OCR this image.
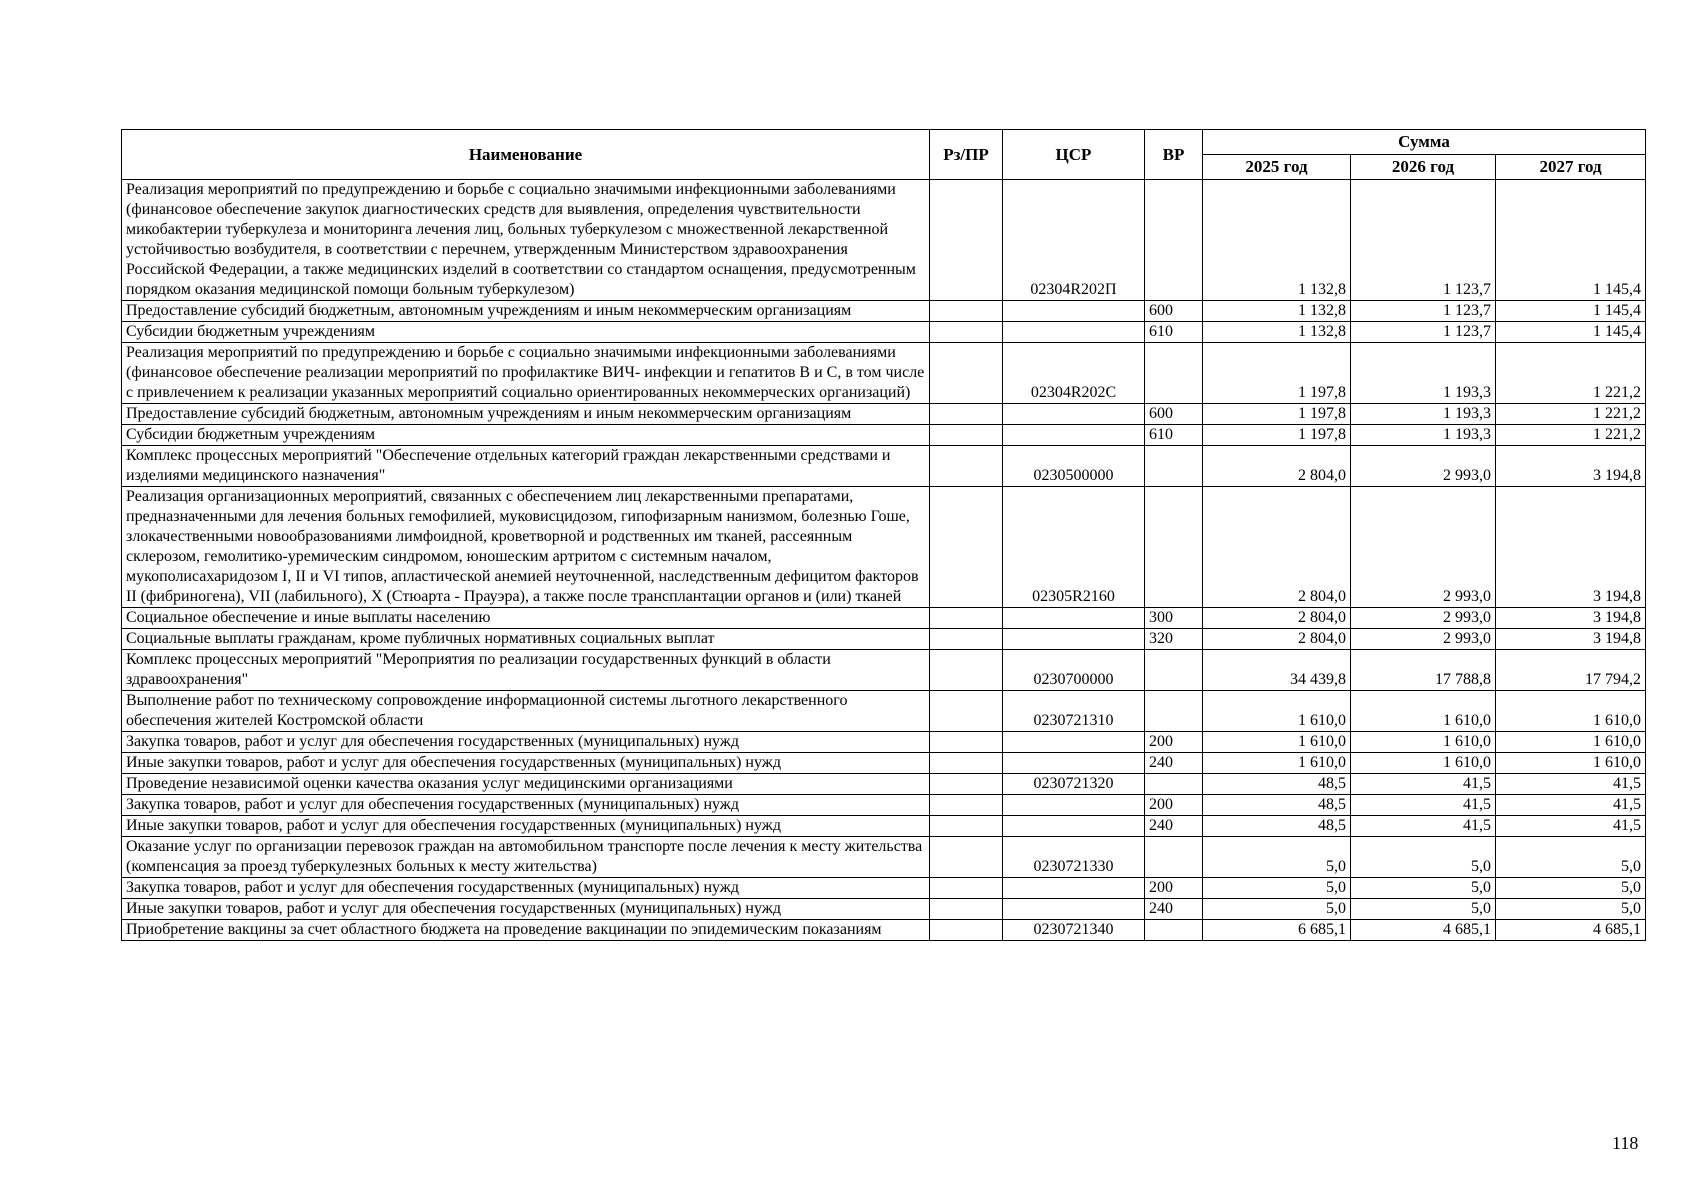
Наименование	Рз/ПР	ЦСР	ВР	Сумма		
				2025 год	2026 год	2027 год
Реализация мероприятий по предупреждению и борьбе с социально значимыми инфекционными заболеваниями (финансовое обеспечение закупок диагностических средств для выявления, определения чувствительности микобактерии туберкулеза и мониторинга лечения лиц, больных туберкулезом с множественной лекарственной устойчивостью возбудителя, в соответствии с перечнем, утвержденным Министерством здравоохранения Российской Федерации, а также медицинских изделий в соответствии со стандартом оснащения, предусмотренным порядком оказания медицинской помощи больным туберкулезом)		02304R202П		1 132,8	1 123,7	1 145,4
Предоставление субсидий бюджетным, автономным учреждениям и иным некоммерческим организациям			600	1 132,8	1 123,7	1 145,4
Субсидии бюджетным учреждениям			610	1 132,8	1 123,7	1 145,4
Реализация мероприятий по предупреждению и борьбе с социально значимыми инфекционными заболеваниями (финансовое обеспечение реализации мероприятий по профилактике ВИЧ- инфекции и гепатитов В и С, в том числе с привлечением к реализации указанных мероприятий социально ориентированных некоммерческих организаций)		02304R202C		1 197,8	1 193,3	1 221,2
Предоставление субсидий бюджетным, автономным учреждениям и иным некоммерческим организациям			600	1 197,8	1 193,3	1 221,2
Субсидии бюджетным учреждениям			610	1 197,8	1 193,3	1 221,2
Комплекс процессных мероприятий "Обеспечение отдельных категорий граждан лекарственными средствами и изделиями медицинского назначения"		0230500000		2 804,0	2 993,0	3 194,8
Реализация организационных мероприятий, связанных с обеспечением лиц лекарственными препаратами, предназначенными для лечения больных гемофилией, муковисцидозом, гипофизарным нанизмом, болезнью Гоше, злокачественными новообразованиями лимфоидной, кроветворной и родственных им тканей, рассеянным склерозом, гемолитико-уремическим синдромом, юношеским артритом с системным началом, мукополисахаридозом I, II и VI типов, апластической анемией неуточненной, наследственным дефицитом факторов II (фибриногена), VII (лабильного), X (Стюарта - Прауэра), а также после трансплантации органов и (или) тканей		02305R2160		2 804,0	2 993,0	3 194,8
Социальное обеспечение и иные выплаты населению			300	2 804,0	2 993,0	3 194,8
Социальные выплаты гражданам, кроме публичных нормативных социальных выплат			320	2 804,0	2 993,0	3 194,8
Комплекс процессных мероприятий "Мероприятия по реализации государственных функций в области здравоохранения"		0230700000		34 439,8	17 788,8	17 794,2
Выполнение работ по техническому сопровождение информационной системы льготного лекарственного обеспечения жителей Костромской области		0230721310		1 610,0	1 610,0	1 610,0
Закупка товаров, работ и услуг для обеспечения государственных (муниципальных) нужд			200	1 610,0	1 610,0	1 610,0
Иные закупки товаров, работ и услуг для обеспечения государственных (муниципальных) нужд			240	1 610,0	1 610,0	1 610,0
Проведение независимой оценки качества оказания услуг медицинскими организациями		0230721320		48,5	41,5	41,5
Закупка товаров, работ и услуг для обеспечения государственных (муниципальных) нужд			200	48,5	41,5	41,5
Иные закупки товаров, работ и услуг для обеспечения государственных (муниципальных) нужд			240	48,5	41,5	41,5
Оказание услуг по организации перевозок граждан на автомобильном транспорте после лечения к месту жительства (компенсация за проезд туберкулезных больных к месту жительства)		0230721330		5,0	5,0	5,0
Закупка товаров, работ и услуг для обеспечения государственных (муниципальных) нужд			200	5,0	5,0	5,0
Иные закупки товаров, работ и услуг для обеспечения государственных (муниципальных) нужд			240	5,0	5,0	5,0
Приобретение вакцины за счет областного бюджета на проведение вакцинации по эпидемическим показаниям		0230721340		6 685,1	4 685,1	4 685,1
118
